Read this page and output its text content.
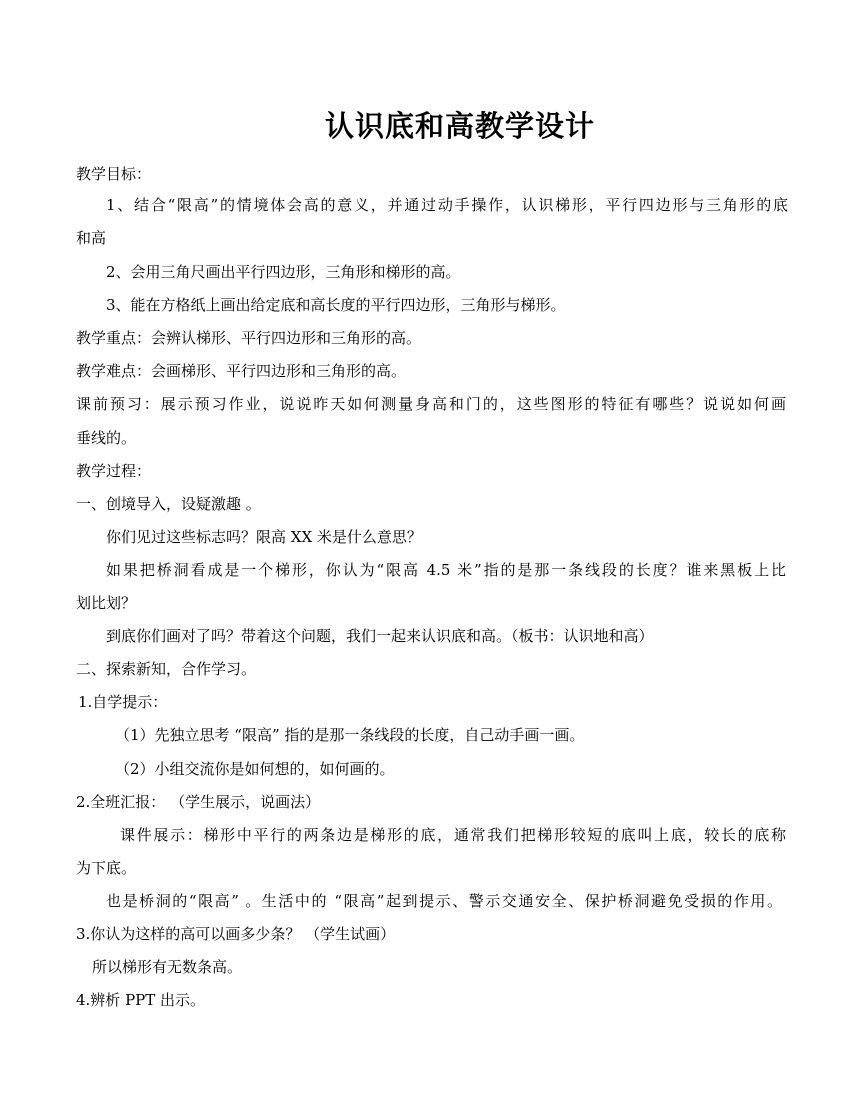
认识底和高教学设计
教学目标：
1、结合“限高”的情境体会高的意义，并通过动手操作，认识梯形，平行四边形与三角形的底
和高
2、会用三角尺画出平行四边形，三角形和梯形的高。
3、能在方格纸上画出给定底和高长度的平行四边形，三角形与梯形。
教学重点：会辨认梯形、平行四边形和三角形的高。
教学难点：会画梯形、平行四边形和三角形的高。
课前预习：展示预习作业，说说昨天如何测量身高和门的，这些图形的特征有哪些？说说如何画
垂线的。
教学过程：
一、创境导入，设疑激趣 。
你们见过这些标志吗？限高 XX 米是什么意思？
如果把桥洞看成是一个梯形，你认为“限高 4.5 米”指的是那一条线段的长度？谁来黑板上比
划比划？
到底你们画对了吗？带着这个问题，我们一起来认识底和高。（板书：认识地和高）
二、探索新知，合作学习。
1.自学提示：
（1）先独立思考 “限高” 指的是那一条线段的长度，自己动手画一画。
（2）小组交流你是如何想的，如何画的。
2.全班汇报： （学生展示，说画法）
课件展示：梯形中平行的两条边是梯形的底，通常我们把梯形较短的底叫上底，较长的底称
为下底。
也是桥洞的“限高” 。生活中的 “限高”起到提示、警示交通安全、保护桥洞避免受损的作用。
3.你认为这样的高可以画多少条？ （学生试画）
所以梯形有无数条高。
4.辨析 PPT 出示。
